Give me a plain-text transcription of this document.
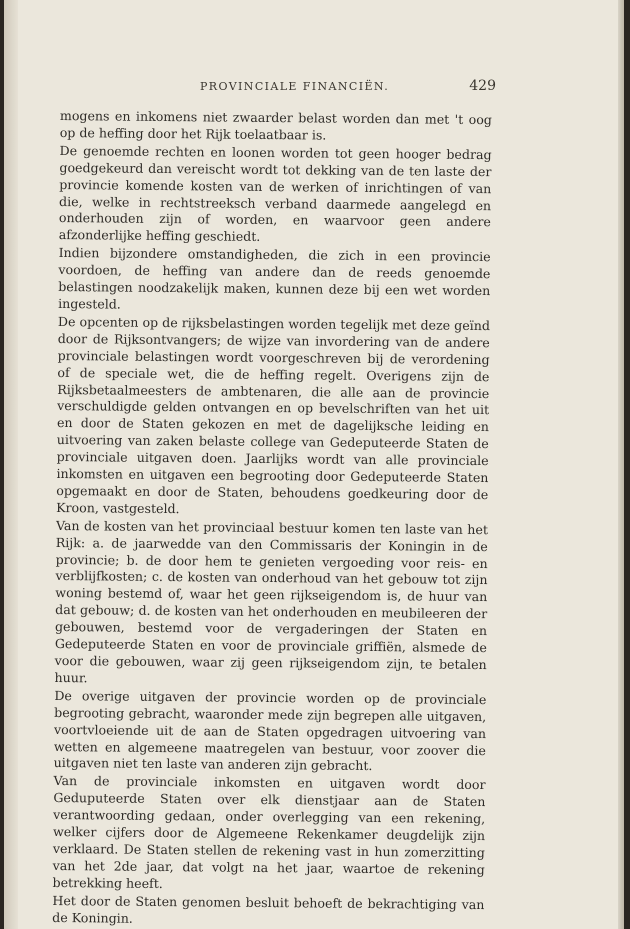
PROVINCIALE FINANCIËN.	429

mogens en inkomens niet zwaarder belast worden dan met 't oog op de heffing door het Rijk toelaatbaar is.

De genoemde rechten en loonen worden tot geen hooger bedrag goedgekeurd dan vereischt wordt tot dekking van de ten laste der provincie komende kosten van de werken of inrichtingen of van die, welke in rechtstreeksch verband daarmede aangelegd en onderhouden zijn of worden, en waarvoor geen andere afzonderlijke heffing geschiedt.

Indien bijzondere omstandigheden, die zich in een provincie voordoen, de heffing van andere dan de reeds genoemde belastingen noodzakelijk maken, kunnen deze bij een wet worden ingesteld.

De opcenten op de rijksbelastingen worden tegelijk met deze geïnd door de Rijksontvangers; de wijze van invordering van de andere provinciale belastingen wordt voorgeschreven bij de verordening of de speciale wet, die de heffing regelt. Overigens zijn de Rijksbetaalmeesters de ambtenaren, die alle aan de provincie verschuldigde gelden ontvangen en op bevelschriften van het uit en door de Staten gekozen en met de dagelijksche leiding en uitvoering van zaken belaste college van Gedeputeerde Staten de provinciale uitgaven doen. Jaarlijks wordt van alle provinciale inkomsten en uitgaven een begrooting door Gedeputeerde Staten opgemaakt en door de Staten, behoudens goedkeuring door de Kroon, vastgesteld.

Van de kosten van het provinciaal bestuur komen ten laste van het Rijk: a. de jaarwedde van den Commissaris der Koningin in de provincie; b. de door hem te genieten vergoeding voor reis- en verblijfkosten; c. de kosten van onderhoud van het gebouw tot zijn woning bestemd of, waar het geen rijkseigendom is, de huur van dat gebouw; d. de kosten van het onderhouden en meubileeren der gebouwen, bestemd voor de vergaderingen der Staten en Gedeputeerde Staten en voor de provinciale griffiën, alsmede de voor die gebouwen, waar zij geen rijkseigendom zijn, te betalen huur.

De overige uitgaven der provincie worden op de provinciale begrooting gebracht, waaronder mede zijn begrepen alle uitgaven, voortvloeiende uit de aan de Staten opgedragen uitvoering van wetten en algemeene maatregelen van bestuur, voor zoover die uitgaven niet ten laste van anderen zijn gebracht.

Van de provinciale inkomsten en uitgaven wordt door Geduputeerde Staten over elk dienstjaar aan de Staten verantwoording gedaan, onder overlegging van een rekening, welker cijfers door de Algemeene Rekenkamer deugdelijk zijn verklaard. De Staten stellen de rekening vast in hun zomerzitting van het 2de jaar, dat volgt na het jaar, waartoe de rekening betrekking heeft.

Het door de Staten genomen besluit behoeft de bekrachtiging van de Koningin.
